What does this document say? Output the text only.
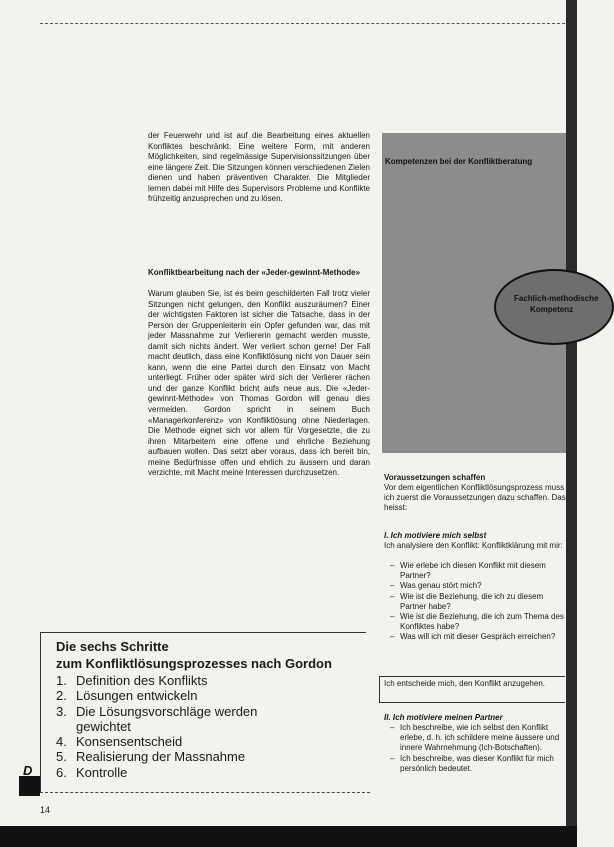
der Feuerwehr und ist auf die Bearbeitung eines aktuellen Konfliktes beschränkt. Eine weitere Form, mit anderen Möglichkeiten, sind regelmässige Supervisionssitzungen über eine längere Zeit. Die Sitzungen können verschiedenen Zielen dienen und haben präventiven Charakter. Die Mitglieder lernen dabei mit Hilfe des Supervisors Probleme und Konflikte frühzeitig anzusprechen und zu lösen.

Konfliktbearbeitung nach der «Jeder-gewinnt-Methode»

Warum glauben Sie, ist es beim geschilderten Fall trotz vieler Sitzungen nicht gelungen, den Konflikt auszuräumen? Einer der wichtigsten Faktoren ist sicher die Tatsache, dass in der Person der Gruppenleiterin ein Opfer gefunden war, das mit jeder Massnahme zur Verliererin gemacht werden musste, damit sich nichts ändert. Wer verliert schon gerne! Der Fall macht deutlich, dass eine Konfliktlösung nicht von Dauer sein kann, wenn die eine Partei durch den Einsatz von Macht unterliegt. Früher oder später wird sich der Verlierer rächen und der ganze Konflikt bricht aufs neue aus. Die «Jeder-gewinnt-Methode» von Thomas Gordon will genau dies vermeiden. Gordon spricht in seinem Buch «Managerkonferenz» von Konfliktlösung ohne Niederlagen. Die Methode eignet sich vor allem für Vorgesetzte, die zu ihren Mitarbeitern eine offene und ehrliche Beziehung aufbauen wollen. Das setzt aber voraus, dass ich bereit bin, meine Bedürfnisse offen und ehrlich zu äussern und daran verzichte, mit Macht meine Interessen durchzusetzen.

Kompetenzen bei der Konfliktberatung
Fachlich-methodische
Kompetenz
Voraussetzungen schaffen

Vor dem eigentlichen Konfliktlösungsprozess muss ich zuerst die Voraussetzungen dazu schaffen. Das heisst:

I. Ich motiviere mich selbst

Ich analysiere den Konflikt: Konfliktklärung mit mir:

– Wie erlebe ich diesen Konflikt mit diesem Partner?
– Was genau stört mich?
– Wie ist die Beziehung, die ich zu diesem Partner habe?
– Wie ist die Beziehung, die ich zum Thema des Konfliktes habe?
– Was will ich mit dieser Gespräch erreichen?
Ich entscheide mich, den Konflikt anzugehen.
II. Ich motiviere meinen Partner
– Ich beschreibe, wie ich selbst den Konflikt erlebe, d. h. ich schildere meine äussere und innere Wahrnehmung (Ich-Botschaften).
– Ich beschreibe, was dieser Konflikt für mich persönlich bedeutet.
Die sechs Schritte
zum Konfliktlösungsprozesses nach Gordon
1. Definition des Konflikts
2. Lösungen entwickeln
3. Die Lösungsvorschläge werden
gewichtet
4. Konsensentscheid
5. Realisierung der Massnahme
6. Kontrolle
D
14
